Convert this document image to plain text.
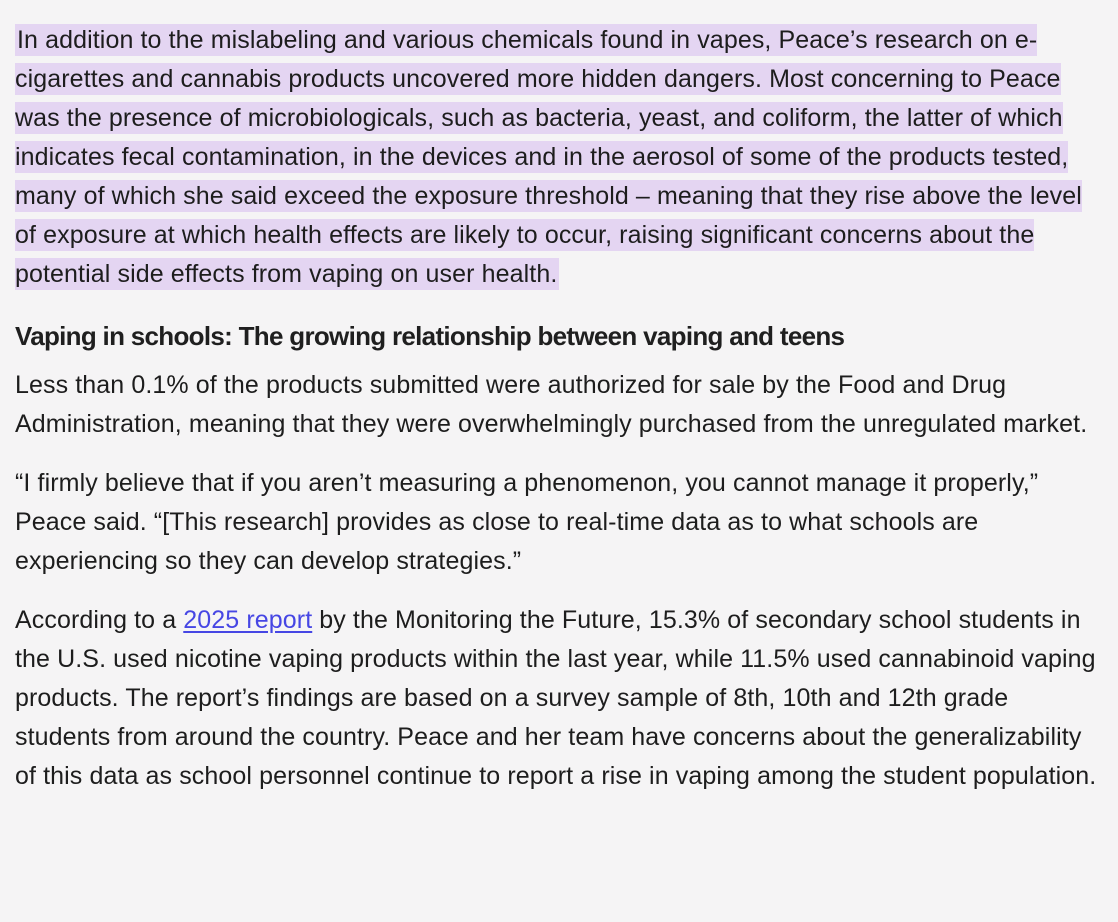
In addition to the mislabeling and various chemicals found in vapes, Peace’s research on e-cigarettes and cannabis products uncovered more hidden dangers. Most concerning to Peace was the presence of microbiologicals, such as bacteria, yeast, and coliform, the latter of which indicates fecal contamination, in the devices and in the aerosol of some of the products tested, many of which she said exceed the exposure threshold – meaning that they rise above the level of exposure at which health effects are likely to occur, raising significant concerns about the potential side effects from vaping on user health.

Vaping in schools: The growing relationship between vaping and teens

Less than 0.1% of the products submitted were authorized for sale by the Food and Drug Administration, meaning that they were overwhelmingly purchased from the unregulated market.

“I firmly believe that if you aren’t measuring a phenomenon, you cannot manage it properly,” Peace said. “[This research] provides as close to real-time data as to what schools are experiencing so they can develop strategies.”

According to a 2025 report by the Monitoring the Future, 15.3% of secondary school students in the U.S. used nicotine vaping products within the last year, while 11.5% used cannabinoid vaping products. The report’s findings are based on a survey sample of 8th, 10th and 12th grade students from around the country. Peace and her team have concerns about the generalizability of this data as school personnel continue to report a rise in vaping among the student population.
